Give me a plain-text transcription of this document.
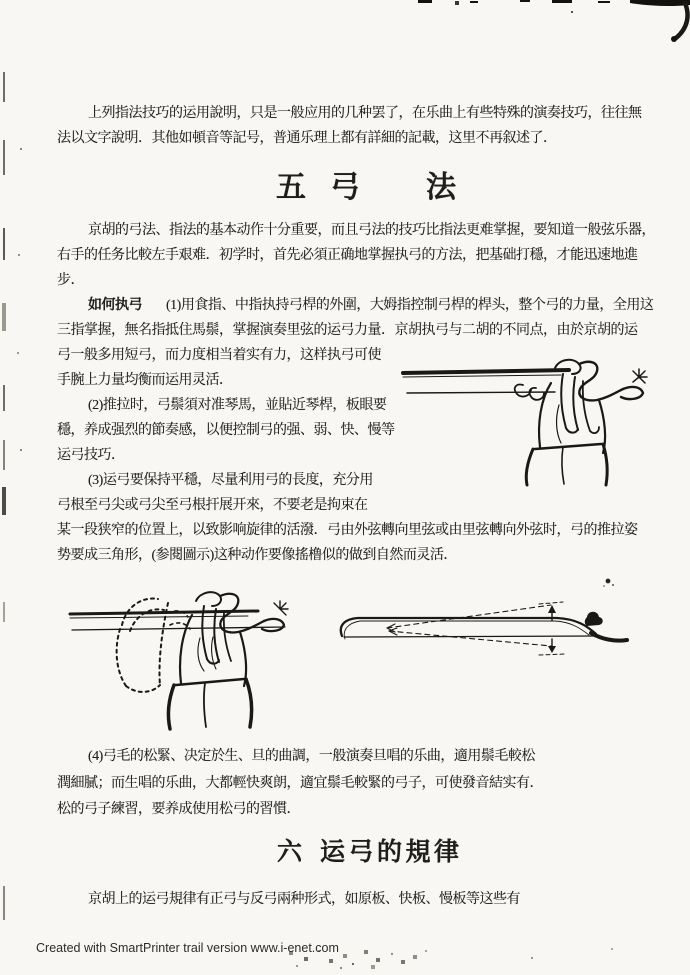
上列指法技巧的运用說明，只是一般应用的几种罢了，在乐曲上有些特殊的演奏技巧，往往無
法以文字說明．其他如頓音等記号，普通乐理上都有詳細的記載，这里不再叙述了．
五 弓 法
京胡的弓法、指法的基本动作十分重要，而且弓法的技巧比指法更难掌握，要知道一般弦乐器，
右手的任务比較左手艰难．初学时，首先必須正确地掌握执弓的方法，把基础打穩，才能迅速地進
步．
如何执弓 (1)用食指、中指执持弓桿的外圍，大姆指控制弓桿的桿头，整个弓的力量，全用这
三指掌握，無名指抵住馬鬃，掌握演奏里弦的运弓力量．京胡执弓与二胡的不同点，由於京胡的运
弓一般多用短弓，而力度相当着实有力，这样执弓可使
手腕上力量均衡而运用灵活．
(2)推拉时，弓鬃須对准琴馬，並貼近琴桿，板眼要
穩，养成强烈的節奏感，以便控制弓的强、弱、快、慢等
运弓技巧．
(3)运弓要保持平穩，尽量利用弓的長度，充分用
弓根至弓尖或弓尖至弓根扞展开來，不要老是拘束在
某一段狭窄的位置上，以致影响旋律的活潑．弓由外弦轉向里弦或由里弦轉向外弦时，弓的推拉姿
势要成三角形，(参閱圖示)这种动作要像搖橹似的做到自然而灵活．
(4)弓毛的松緊、决定於生、旦的曲調，一般演奏旦唱的乐曲，適用鬃毛較松
潤細膩；而生唱的乐曲，大都輕快爽朗，適宜鬃毛較緊的弓子，可使發音結实有．
松的弓子練習，要养成使用松弓的習慣．
六 运弓的規律
京胡上的运弓規律有正弓与反弓兩种形式，如原板、快板、慢板等这些有
Created with SmartPrinter trail version www.i-enet.com
